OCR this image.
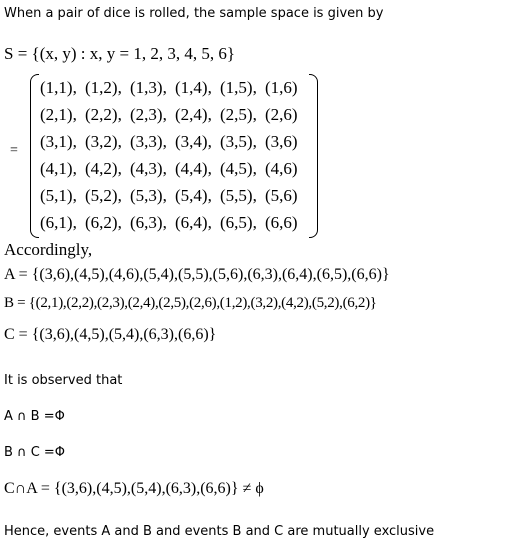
When a pair of dice is rolled, the sample space is given by
S = {(x, y) : x, y = 1, 2, 3, 4, 5, 6}
=
(1,1), (1,2), (1,3), (1,4), (1,5), (1,6)
(2,1), (2,2), (2,3), (2,4), (2,5), (2,6)
(3,1), (3,2), (3,3), (3,4), (3,5), (3,6)
(4,1), (4,2), (4,3), (4,4), (4,5), (4,6)
(5,1), (5,2), (5,3), (5,4), (5,5), (5,6)
(6,1), (6,2), (6,3), (6,4), (6,5), (6,6)
Accordingly,
A = {(3,6),(4,5),(4,6),(5,4),(5,5),(5,6),(6,3),(6,4),(6,5),(6,6)}
B = {(2,1),(2,2),(2,3),(2,4),(2,5),(2,6),(1,2),(3,2),(4,2),(5,2),(6,2)}
C = {(3,6),(4,5),(5,4),(6,3),(6,6)}
It is observed that
A ∩ B =Φ
B ∩ C =Φ
C∩A = {(3,6),(4,5),(5,4),(6,3),(6,6)} ≠ ϕ
Hence, events A and B and events B and C are mutually exclusive
